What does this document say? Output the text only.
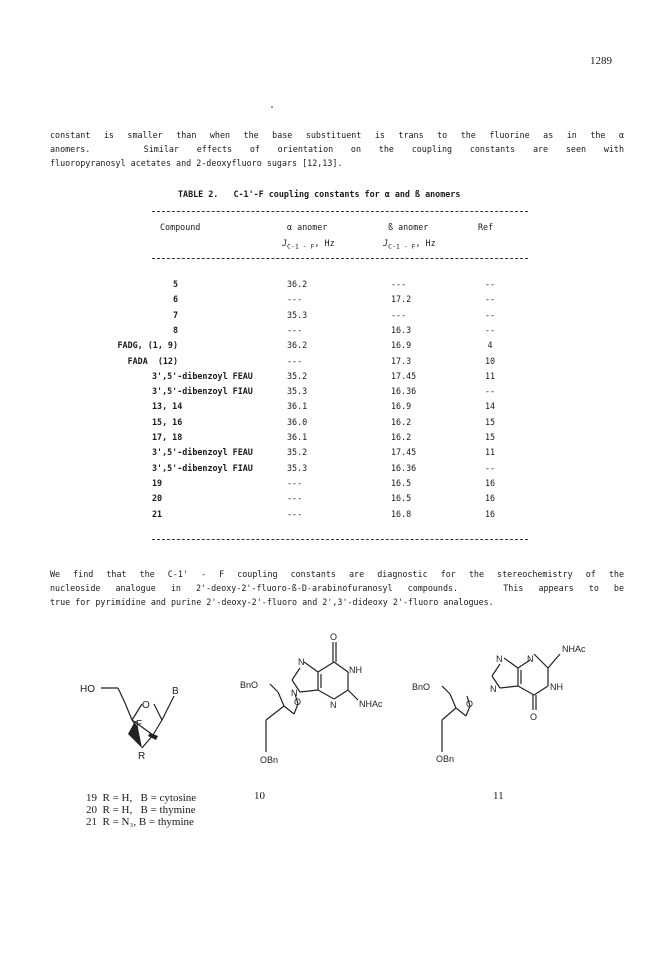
1289
constant is smaller than when the base substituent is trans to the fluorine as in the α
anomers.   Similar effects of orientation on the coupling constants are seen with
fluoropyranosyl acetates and 2-deoxyfluoro sugars [12,13].
TABLE 2.   C-1'-F coupling constants for α and ß anomers
Compound	α anomer	ß anomer	Ref
$J_{C-1 - F}$, Hz	$J_{C-1 - F}$, Hz
5	36.2	---	--
6	---	17.2	--
7	35.3	---	--
8	---	16.3	--
FADG, (1, 9)	36.2	16.9	4
FADA  (12)	---	17.3	10
3',5'-dibenzoyl FEAU	35.2	17.45	11
3',5'-dibenzoyl FIAU	35.3	16.36	--
13, 14	36.1	16.9	14
15, 16	36.0	16.2	15
17, 18	36.1	16.2	15
3',5'-dibenzoyl FEAU	35.2	17.45	11
3',5'-dibenzoyl FIAU	35.3	16.36	--
19	---	16.5	16
20	---	16.5	16
21	---	16.8	16
We find that the C-1' - F coupling constants are diagnostic for the stereochemistry of the
nucleoside analogue in 2'-deoxy-2'-fluoro-ß-D-arabinofuranosyl compounds.   This appears to be
true for pyrimidine and purine 2'-deoxy-2'-fluoro and 2',3'-dideoxy 2'-fluoro analogues.
HO	B
O
F
R
O
NH
N
N
N	NHAc
BnO
O
OBn
NHAc
N
N
N	NH
O
BnO
O
OBn
10	11
19  R = H,   B = cytosine
20  R = H,   B = thymine
21  R = N₃, B = thymine
